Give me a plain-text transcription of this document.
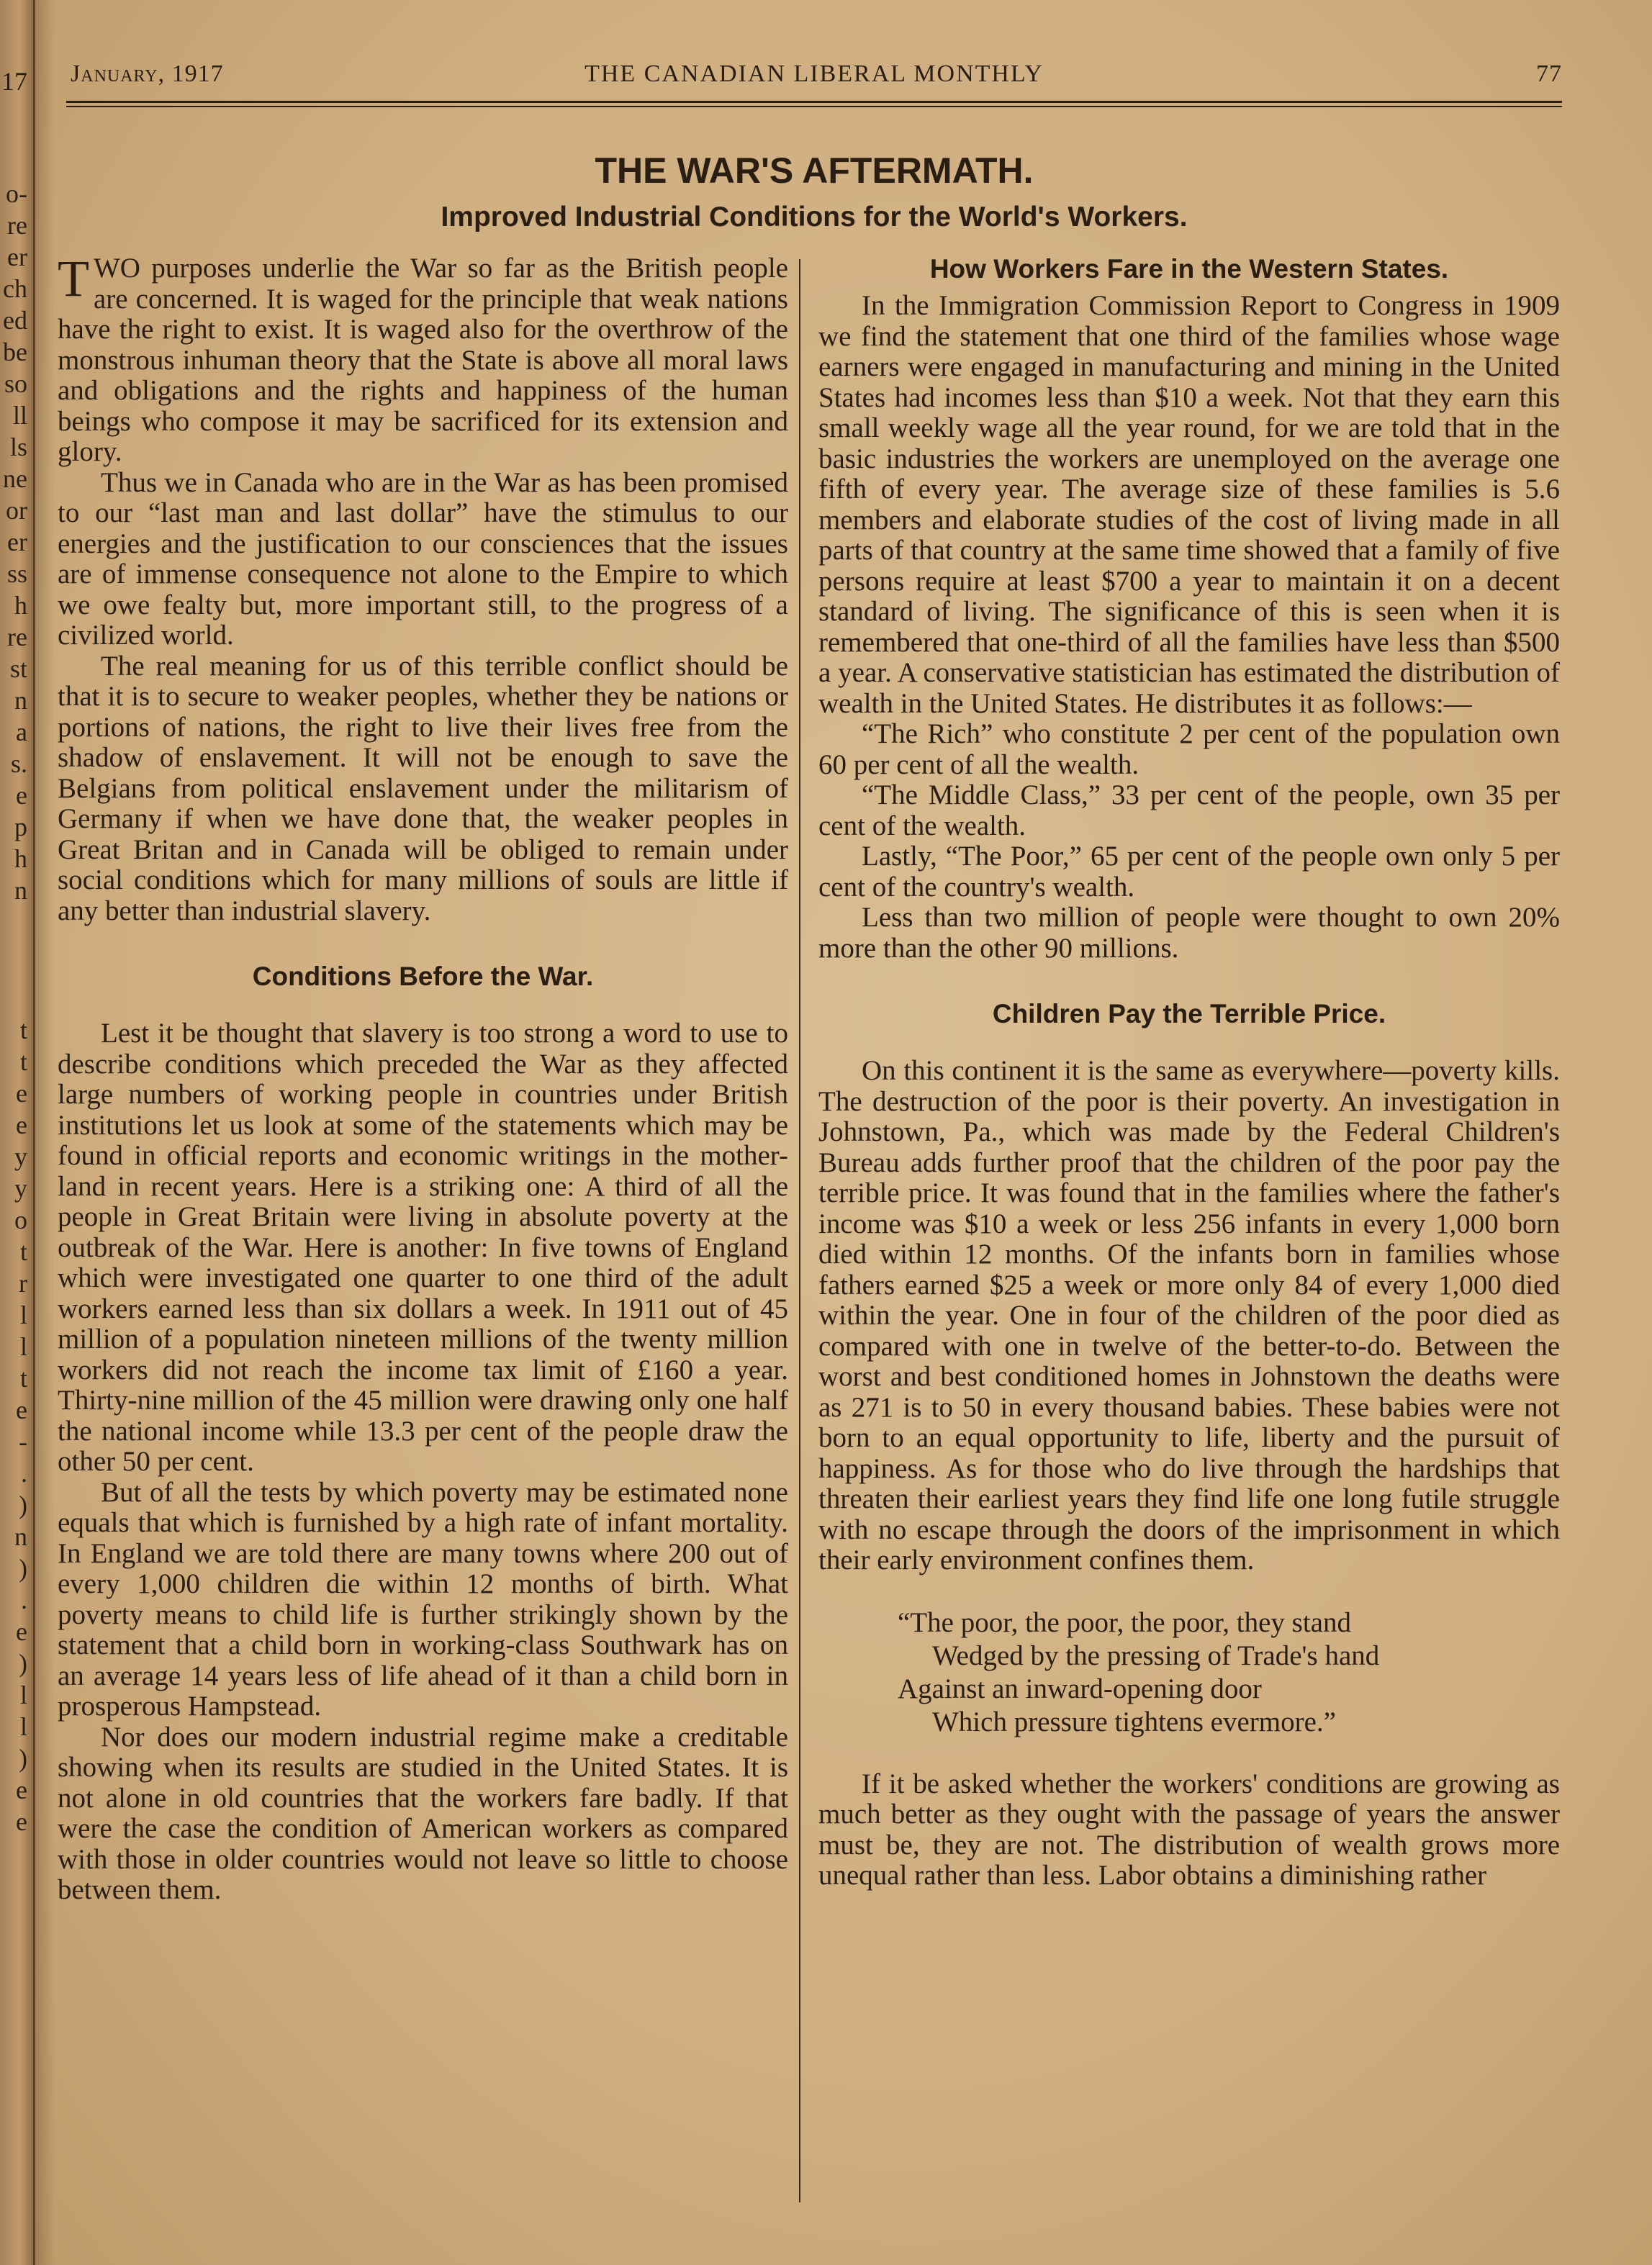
17
o-
re
er
ch
ed
be
so
ll
ls
ne
or
er
ss
h
re
st
n
a
s.
e
p
h
n
t
t
e
e
y
y
o
t
r
l
l
t
e
-
.
)
n
)
.
e
)
l
l
)
e
e
January, 1917	THE CANADIAN LIBERAL MONTHLY	77
THE WAR'S AFTERMATH.
Improved Industrial Conditions for the World's Workers.

TWO purposes underlie the War so far as the British people are concerned. It is waged for the principle that weak nations have the right to exist. It is waged also for the overthrow of the monstrous inhuman theory that the State is above all moral laws and obligations and the rights and happiness of the human beings who compose it may be sacrificed for its extension and glory.

Thus we in Canada who are in the War as has been promised to our “last man and last dollar” have the stimulus to our energies and the justification to our consciences that the issues are of immense consequence not alone to the Empire to which we owe fealty but, more important still, to the progress of a civilized world.

The real meaning for us of this terrible conflict should be that it is to secure to weaker peoples, whether they be nations or portions of nations, the right to live their lives free from the shadow of enslavement. It will not be enough to save the Belgians from political enslavement under the militarism of Germany if when we have done that, the weaker peoples in Great Britan and in Canada will be obliged to remain under social conditions which for many millions of souls are little if any better than industrial slavery.

Conditions Before the War.

Lest it be thought that slavery is too strong a word to use to describe conditions which preceded the War as they affected large numbers of working people in countries under British institutions let us look at some of the statements which may be found in official reports and economic writings in the mother-land in recent years. Here is a striking one: A third of all the people in Great Britain were living in absolute poverty at the outbreak of the War. Here is another: In five towns of England which were investigated one quarter to one third of the adult workers earned less than six dollars a week. In 1911 out of 45 million of a population nineteen millions of the twenty million workers did not reach the income tax limit of £160 a year. Thirty-nine million of the 45 million were drawing only one half the national income while 13.3 per cent of the people draw the other 50 per cent.

But of all the tests by which poverty may be estimated none equals that which is furnished by a high rate of infant mortality. In England we are told there are many towns where 200 out of every 1,000 children die within 12 months of birth. What poverty means to child life is further strikingly shown by the statement that a child born in working-class Southwark has on an average 14 years less of life ahead of it than a child born in prosperous Hampstead.

Nor does our modern industrial regime make a creditable showing when its results are studied in the United States. It is not alone in old countries that the workers fare badly. If that were the case the condition of American workers as compared with those in older countries would not leave so little to choose between them.

How Workers Fare in the Western States.

In the Immigration Commission Report to Congress in 1909 we find the statement that one third of the families whose wage earners were engaged in manufacturing and mining in the United States had incomes less than $10 a week. Not that they earn this small weekly wage all the year round, for we are told that in the basic industries the workers are unemployed on the average one fifth of every year. The average size of these families is 5.6 members and elaborate studies of the cost of living made in all parts of that country at the same time showed that a family of five persons require at least $700 a year to maintain it on a decent standard of living. The significance of this is seen when it is remembered that one-third of all the families have less than $500 a year. A conservative statistician has estimated the distribution of wealth in the United States. He distributes it as follows:—

“The Rich” who constitute 2 per cent of the population own 60 per cent of all the wealth.

“The Middle Class,” 33 per cent of the people, own 35 per cent of the wealth.

Lastly, “The Poor,” 65 per cent of the people own only 5 per cent of the country's wealth.

Less than two million of people were thought to own 20% more than the other 90 millions.

Children Pay the Terrible Price.

On this continent it is the same as everywhere—poverty kills. The destruction of the poor is their poverty. An investigation in Johnstown, Pa., which was made by the Federal Children's Bureau adds further proof that the children of the poor pay the terrible price. It was found that in the families where the father's income was $10 a week or less 256 infants in every 1,000 born died within 12 months. Of the infants born in families whose fathers earned $25 a week or more only 84 of every 1,000 died within the year. One in four of the children of the poor died as compared with one in twelve of the better-to-do. Between the worst and best conditioned homes in Johnstown the deaths were as 271 is to 50 in every thousand babies. These babies were not born to an equal opportunity to life, liberty and the pursuit of happiness. As for those who do live through the hardships that threaten their earliest years they find life one long futile struggle with no escape through the doors of the imprisonment in which their early environment confines them.

“The poor, the poor, the poor, they stand
Wedged by the pressing of Trade's hand
Against an inward-opening door
Which pressure tightens evermore.”

If it be asked whether the workers' conditions are growing as much better as they ought with the passage of years the answer must be, they are not. The distribution of wealth grows more unequal rather than less. Labor obtains a diminishing rather
